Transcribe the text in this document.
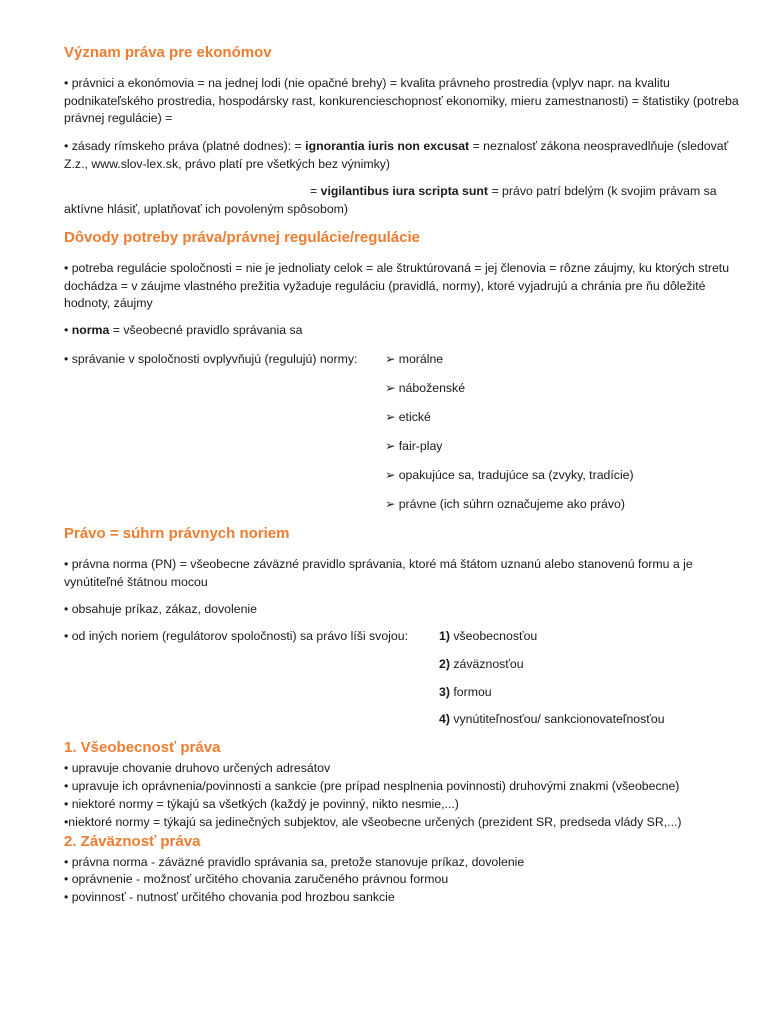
Význam práva pre ekonómov

• právnici a ekonómovia = na jednej lodi (nie opačné brehy) = kvalita právneho prostredia (vplyv napr. na kvalitu podnikateľského prostredia, hospodársky rast, konkurencieschopnosť ekonomiky, mieru zamestnanosti) = štatistiky (potreba právnej regulácie) =

• zásady rímskeho práva (platné dodnes): = ignorantia iuris non excusat = neznalosť zákona neospravedlňuje (sledovať Z.z., www.slov-lex.sk, právo platí pre všetkých bez výnimky)

= vigilantibus iura scripta sunt = právo patrí bdelým (k svojim právam sa

aktívne hlásiť, uplatňovať ich povoleným spôsobom)

Dôvody potreby práva/právnej regulácie/regulácie

• potreba regulácie spoločnosti = nie je jednoliaty celok = ale štruktúrovaná = jej členovia = rôzne záujmy, ku ktorých stretu dochádza = v záujme vlastného prežitia vyžaduje reguláciu (pravidlá, normy), ktoré vyjadrujú a chránia pre ňu dôležité hodnoty, záujmy

• norma = všeobecné pravidlo správania sa

• správanie v spoločnosti ovplyvňujú (regulujú) normy: ➢ morálne

➢ náboženské

➢ etické

➢ fair-play

➢ opakujúce sa, tradujúce sa (zvyky, tradície)

➢ právne (ich súhrn označujeme ako právo)

Právo = súhrn právnych noriem

• právna norma (PN) = všeobecne záväzné pravidlo správania, ktoré má štátom uznanú alebo stanovenú formu a je vynútiteľné štátnou mocou

• obsahuje príkaz, zákaz, dovolenie

• od iných noriem (regulátorov spoločnosti) sa právo líši svojou:	1) všeobecnosťou

2) záväznosťou

3) formou

4) vynútiteľnosťou/ sankcionovateľnosťou

1. Všeobecnosť práva

• upravuje chovanie druhovo určených adresátov

• upravuje ich oprávnenia/povinnosti a sankcie (pre prípad nesplnenia povinnosti) druhovými znakmi (všeobecne)

• niektoré normy = týkajú sa všetkých (každý je povinný, nikto nesmie,...)

•niektoré normy = týkajú sa jedinečných subjektov, ale všeobecne určených (prezident SR, predseda vlády SR,...)

2. Záväznosť práva

• právna norma - záväzné pravidlo správania sa, pretože stanovuje príkaz, dovolenie

• oprávnenie - možnosť určitého chovania zaručeného právnou formou

• povinnosť - nutnosť určitého chovania pod hrozbou sankcie
